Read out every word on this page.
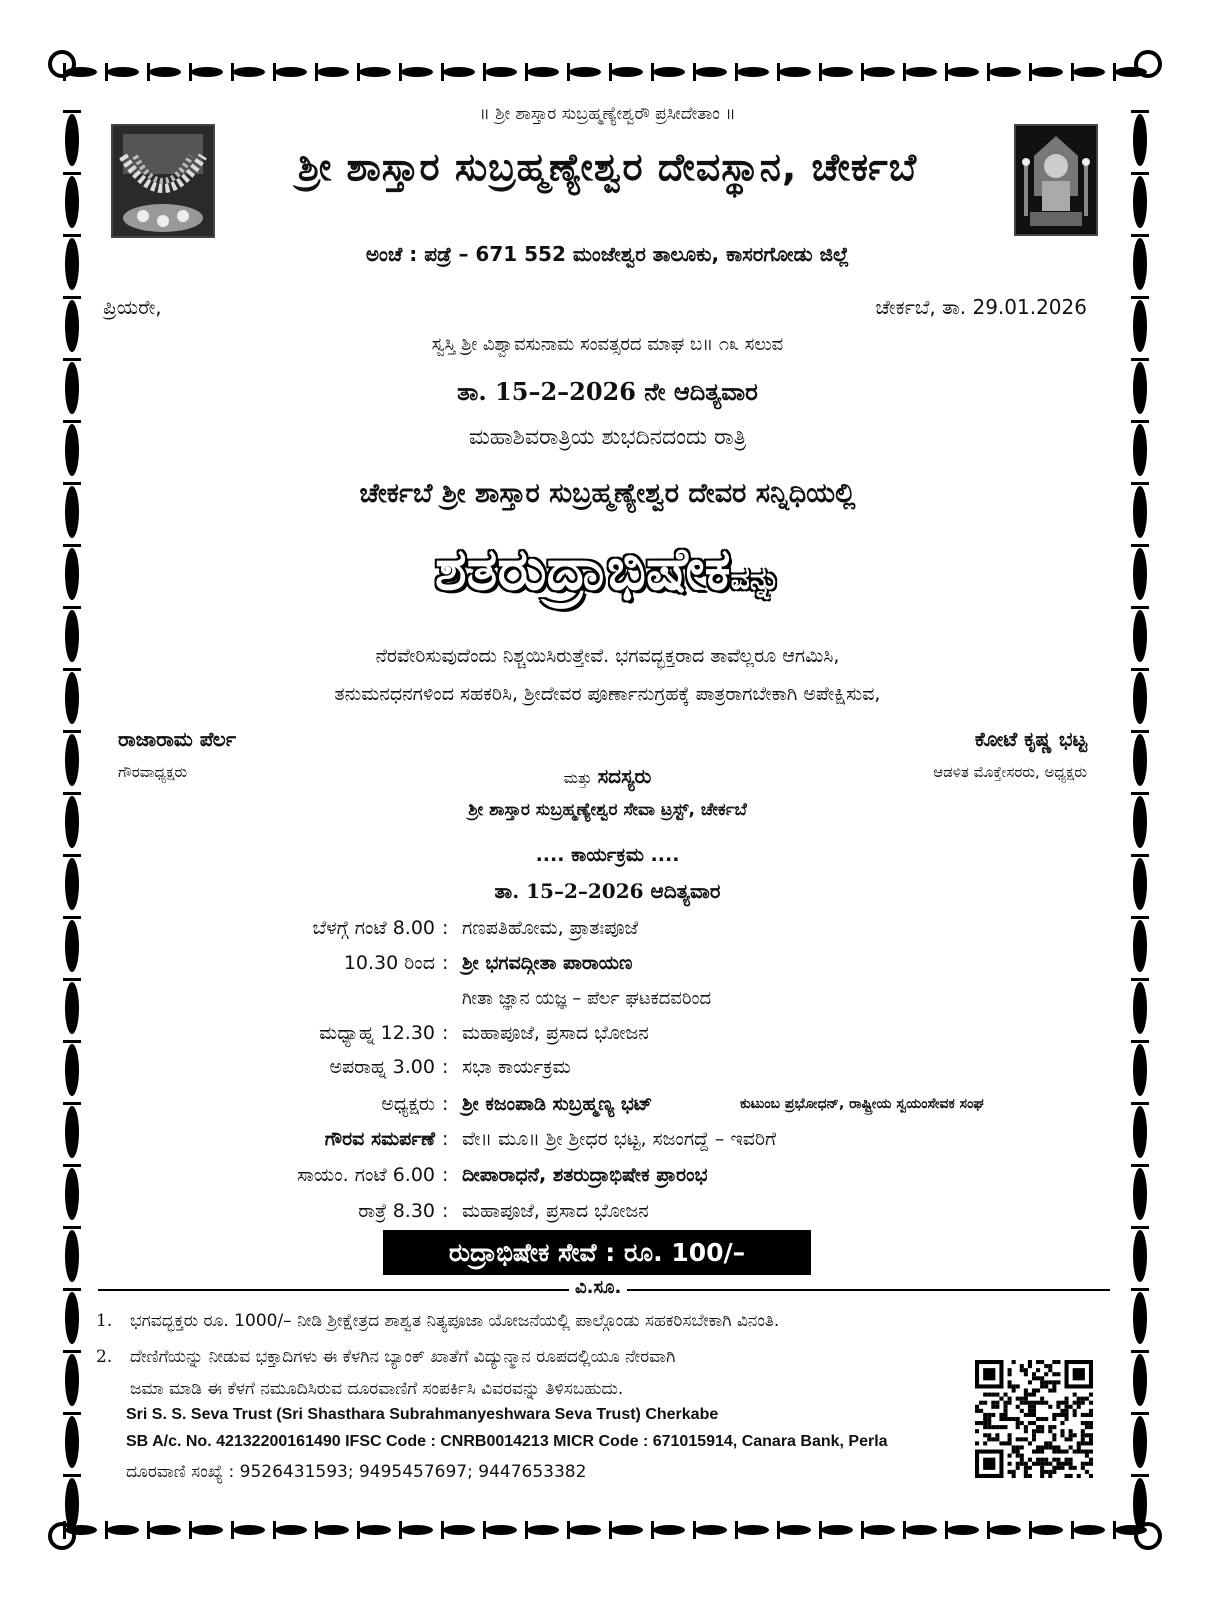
॥ ಶ್ರೀ ಶಾಸ್ತಾರ ಸುಬ್ರಹ್ಮಣ್ಯೇಶ್ವರೌ ಪ್ರಸೀದೇತಾಂ ॥
ಶ್ರೀ ಶಾಸ್ತಾರ ಸುಬ್ರಹ್ಮಣ್ಯೇಶ್ವರ ದೇವಸ್ಥಾನ, ಚೇರ್ಕಬೆ
ಅಂಚೆ : ಪಡ್ರೆ – 671 552 ಮಂಜೇಶ್ವರ ತಾಲೂಕು, ಕಾಸರಗೋಡು ಜಿಲ್ಲೆ
ಪ್ರಿಯರೇ,	ಚೇರ್ಕಬೆ, ತಾ. 29.01.2026
ಸ್ವಸ್ತಿ ಶ್ರೀ ವಿಶ್ವಾವಸುನಾಮ ಸಂವತ್ಸರದ ಮಾಘ ಬ॥ ೧೩ ಸಲುವ
ತಾ. 15–2–2026 ನೇ ಆದಿತ್ಯವಾರ
ಮಹಾಶಿವರಾತ್ರಿಯ ಶುಭದಿನದಂದು ರಾತ್ರಿ
ಚೇರ್ಕಬೆ ಶ್ರೀ ಶಾಸ್ತಾರ ಸುಬ್ರಹ್ಮಣ್ಯೇಶ್ವರ ದೇವರ ಸನ್ನಿಧಿಯಲ್ಲಿ
ಶತರುದ್ರಾಭಿಷೇಕವನ್ನು
ನೆರವೇರಿಸುವುದೆಂದು ನಿಶ್ಚಯಿಸಿರುತ್ತೇವೆ. ಭಗವದ್ಭಕ್ತರಾದ ತಾವೆಲ್ಲರೂ ಆಗಮಿಸಿ,
ತನುಮನಧನಗಳಿಂದ ಸಹಕರಿಸಿ, ಶ್ರೀದೇವರ ಪೂರ್ಣಾನುಗ್ರಹಕ್ಕೆ ಪಾತ್ರರಾಗಬೇಕಾಗಿ ಅಪೇಕ್ಷಿಸುವ,
ರಾಜಾರಾಮ ಪೆರ್ಲ
ಗೌರವಾಧ್ಯಕ್ಷರು
ಕೋಟೆ ಕೃಷ್ಣ ಭಟ್ಟ
ಆಡಳಿತ ಮೊಕ್ತೇಸರರು, ಅಧ್ಯಕ್ಷರು
ಮತ್ತು ಸದಸ್ಯರು
ಶ್ರೀ ಶಾಸ್ತಾರ ಸುಬ್ರಹ್ಮಣ್ಯೇಶ್ವರ ಸೇವಾ ಟ್ರಸ್ಟ್, ಚೇರ್ಕಬೆ
.... ಕಾರ್ಯಕ್ರಮ ....
ತಾ. 15–2–2026 ಆದಿತ್ಯವಾರ
ಬೆಳಗ್ಗೆ ಗಂಟೆ 8.00 : ಗಣಪತಿಹೋಮ, ಪ್ರಾತಃಪೂಜೆ
10.30 ರಿಂದ : ಶ್ರೀ ಭಗವದ್ಗೀತಾ ಪಾರಾಯಣ
ಗೀತಾ ಜ್ಞಾನ ಯಜ್ಞ – ಪೆರ್ಲ ಘಟಕದವರಿಂದ
ಮಧ್ಯಾಹ್ನ 12.30 : ಮಹಾಪೂಜೆ, ಪ್ರಸಾದ ಭೋಜನ
ಅಪರಾಹ್ನ 3.00 : ಸಭಾ ಕಾರ್ಯಕ್ರಮ
ಅಧ್ಯಕ್ಷರು : ಶ್ರೀ ಕಜಂಪಾಡಿ ಸುಬ್ರಹ್ಮಣ್ಯ ಭಟ್	ಕುಟುಂಬ ಪ್ರಭೋಧನ್, ರಾಷ್ಟ್ರೀಯ ಸ್ವಯಂಸೇವಕ ಸಂಘ
ಗೌರವ ಸಮರ್ಪಣೆ : ವೇ॥ ಮೂ॥ ಶ್ರೀ ಶ್ರೀಧರ ಭಟ್ಟ, ಸಜಂಗದ್ದೆ – ಇವರಿಗೆ
ಸಾಯಂ. ಗಂಟೆ 6.00 : ದೀಪಾರಾಧನೆ, ಶತರುದ್ರಾಭಿಷೇಕ ಪ್ರಾರಂಭ
ರಾತ್ರೆ 8.30 : ಮಹಾಪೂಜೆ, ಪ್ರಸಾದ ಭೋಜನ
ರುದ್ರಾಭಿಷೇಕ ಸೇವೆ : ರೂ. 100/–
ವಿ.ಸೂ.
1. ಭಗವದ್ಭಕ್ತರು ರೂ. 1000/– ನೀಡಿ ಶ್ರೀಕ್ಷೇತ್ರದ ಶಾಶ್ವತ ನಿತ್ಯಪೂಜಾ ಯೋಜನೆಯಲ್ಲಿ ಪಾಲ್ಗೊಂಡು ಸಹಕರಿಸಬೇಕಾಗಿ ವಿನಂತಿ.
2. ದೇಣಿಗೆಯನ್ನು ನೀಡುವ ಭಕ್ತಾದಿಗಳು ಈ ಕೆಳಗಿನ ಬ್ಯಾಂಕ್ ಖಾತೆಗೆ ವಿದ್ಯುನ್ಮಾನ ರೂಪದಲ್ಲಿಯೂ ನೇರವಾಗಿ
ಜಮಾ ಮಾಡಿ ಈ ಕೆಳಗೆ ನಮೂದಿಸಿರುವ ದೂರವಾಣಿಗೆ ಸಂಪರ್ಕಿಸಿ ವಿವರವನ್ನು ತಿಳಿಸಬಹುದು.
Sri S. S. Seva Trust (Sri Shasthara Subrahmanyeshwara Seva Trust) Cherkabe
SB A/c. No. 42132200161490 IFSC Code : CNRB0014213 MICR Code : 671015914, Canara Bank, Perla
ದೂರವಾಣಿ ಸಂಖ್ಯೆ : 9526431593; 9495457697; 9447653382
